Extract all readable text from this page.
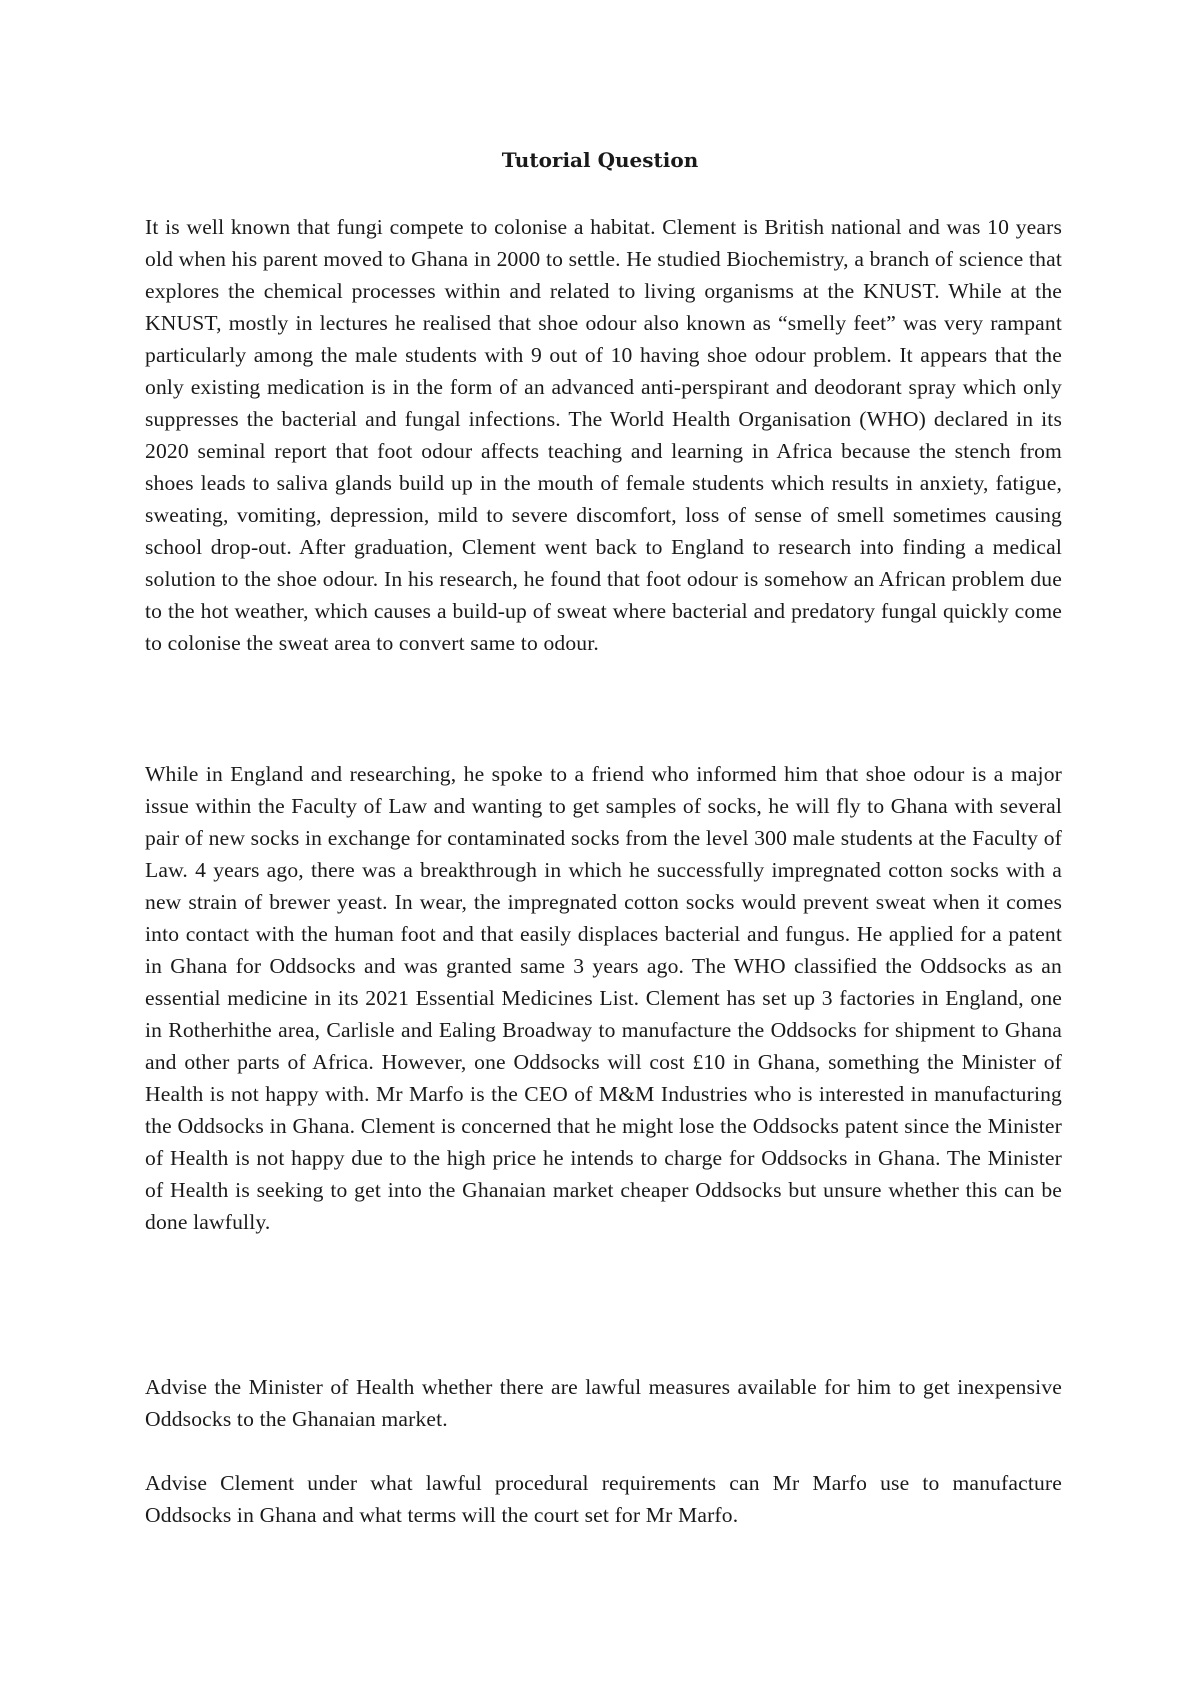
Tutorial Question

It is well known that fungi compete to colonise a habitat. Clement is British national and was 10 years old when his parent moved to Ghana in 2000 to settle. He studied Biochemistry, a branch of science that explores the chemical processes within and related to living organisms at the KNUST. While at the KNUST, mostly in lectures he realised that shoe odour also known as “smelly feet” was very rampant particularly among the male students with 9 out of 10 having shoe odour problem. It appears that the only existing medication is in the form of an advanced anti-perspirant and deodorant spray which only suppresses the bacterial and fungal infections. The World Health Organisation (WHO) declared in its 2020 seminal report that foot odour affects teaching and learning in Africa because the stench from shoes leads to saliva glands build up in the mouth of female students which results in anxiety, fatigue, sweating, vomiting, depression, mild to severe discomfort, loss of sense of smell sometimes causing school drop-out. After graduation, Clement went back to England to research into finding a medical solution to the shoe odour. In his research, he found that foot odour is somehow an African problem due to the hot weather, which causes a build-up of sweat where bacterial and predatory fungal quickly come to colonise the sweat area to convert same to odour.

While in England and researching, he spoke to a friend who informed him that shoe odour is a major issue within the Faculty of Law and wanting to get samples of socks, he will fly to Ghana with several pair of new socks in exchange for contaminated socks from the level 300 male students at the Faculty of Law. 4 years ago, there was a breakthrough in which he successfully impregnated cotton socks with a new strain of brewer yeast. In wear, the impregnated cotton socks would prevent sweat when it comes into contact with the human foot and that easily displaces bacterial and fungus. He applied for a patent in Ghana for Oddsocks and was granted same 3 years ago. The WHO classified the Oddsocks as an essential medicine in its 2021 Essential Medicines List. Clement has set up 3 factories in England, one in Rotherhithe area, Carlisle and Ealing Broadway to manufacture the Oddsocks for shipment to Ghana and other parts of Africa. However, one Oddsocks will cost £10 in Ghana, something the Minister of Health is not happy with. Mr Marfo is the CEO of M&M Industries who is interested in manufacturing the Oddsocks in Ghana. Clement is concerned that he might lose the Oddsocks patent since the Minister of Health is not happy due to the high price he intends to charge for Oddsocks in Ghana. The Minister of Health is seeking to get into the Ghanaian market cheaper Oddsocks but unsure whether this can be done lawfully.

Advise the Minister of Health whether there are lawful measures available for him to get inexpensive Oddsocks to the Ghanaian market.

Advise Clement under what lawful procedural requirements can Mr Marfo use to manufacture Oddsocks in Ghana and what terms will the court set for Mr Marfo.
